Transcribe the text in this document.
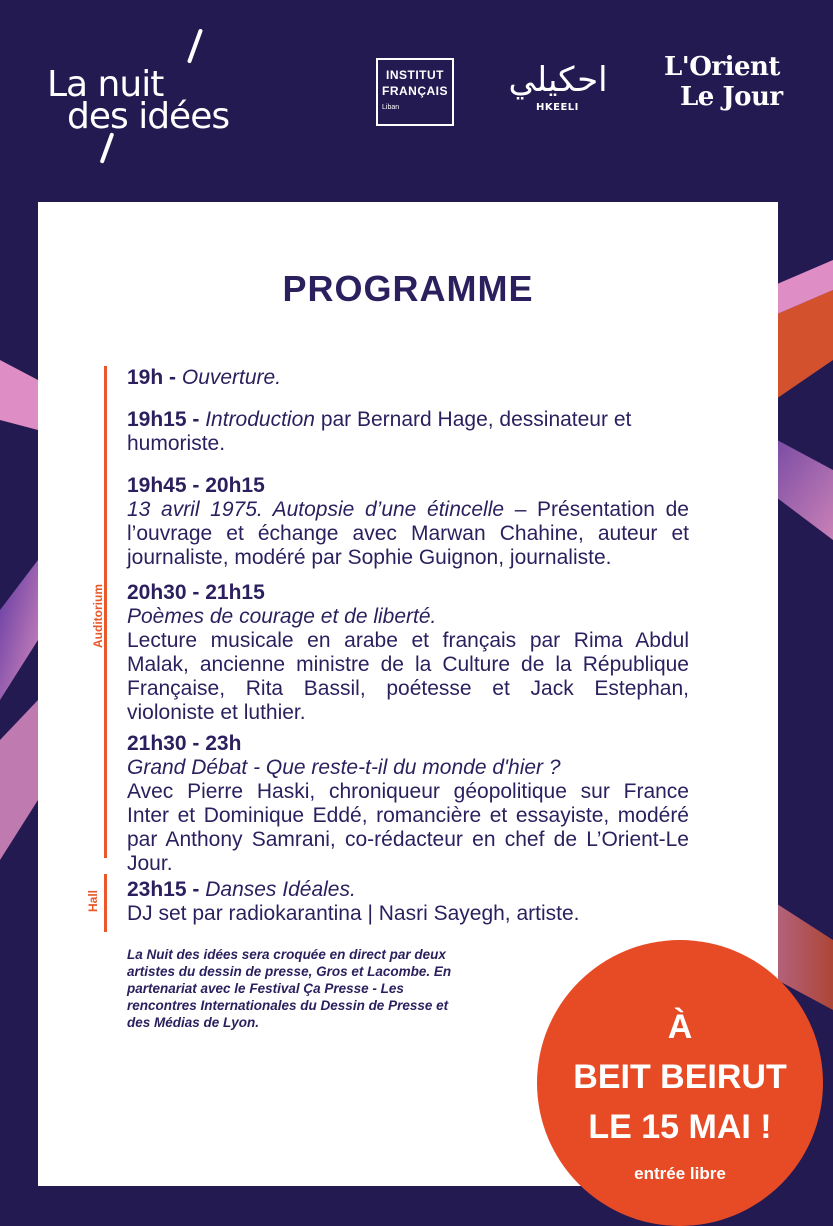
La nuit
des idées
INSTITUT
FRANÇAIS
Liban
احكيلي
HKEELI
L'Orient
Le Jour
PROGRAMME
Auditorium
Hall
19h - Ouverture.
19h15 - Introduction par Bernard Hage, dessinateur et humoriste.
19h45 - 20h15
13 avril 1975. Autopsie d’une étincelle – Présentation de l’ouvrage et échange avec Marwan Chahine, auteur et journaliste, modéré par Sophie Guignon, journaliste.
20h30 - 21h15
Poèmes de courage et de liberté.
Lecture musicale en arabe et français par Rima Abdul Malak, ancienne ministre de la Culture de la République Française, Rita Bassil, poétesse et Jack Estephan, violoniste et luthier.
21h30 - 23h
Grand Débat - Que reste-t-il du monde d'hier ?
Avec Pierre Haski, chroniqueur géopolitique sur France Inter et Dominique Eddé, romancière et essayiste, modéré par Anthony Samrani, co-rédacteur en chef de L’Orient-Le Jour.
23h15 - Danses Idéales.
DJ set par radiokarantina | Nasri Sayegh, artiste.
La Nuit des idées sera croquée en direct par deux artistes du dessin de presse, Gros et Lacombe. En partenariat avec le Festival Ça Presse - Les rencontres Internationales du Dessin de Presse et des Médias de Lyon.	À
BEIT BEIRUT
LE 15 MAI !
entrée libre
